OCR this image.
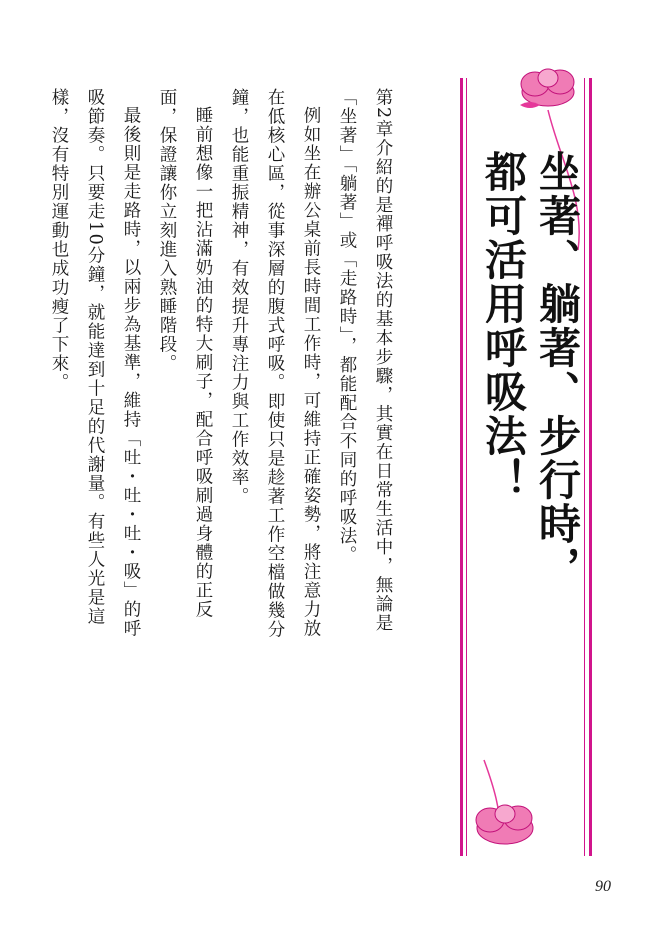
坐著、躺著、步行時，
都可活用呼吸法！

第2章介紹的是禪呼吸法的基本步驟，其實在日常生活中，無論是「坐著」「躺著」或「走路時」，都能配合不同的呼吸法。

例如坐在辦公桌前長時間工作時，可維持正確姿勢，將注意力放在低核心區，從事深層的腹式呼吸。即使只是趁著工作空檔做幾分鐘，也能重振精神，有效提升專注力與工作效率。

睡前想像一把沾滿奶油的特大刷子，配合呼吸刷過身體的正反面，保證讓你立刻進入熟睡階段。

最後則是走路時，以兩步為基準，維持「吐・吐・吐・吸」的呼吸節奏。只要走10分鐘，就能達到十足的代謝量。有些人光是這樣，沒有特別運動也成功瘦了下來。

90
